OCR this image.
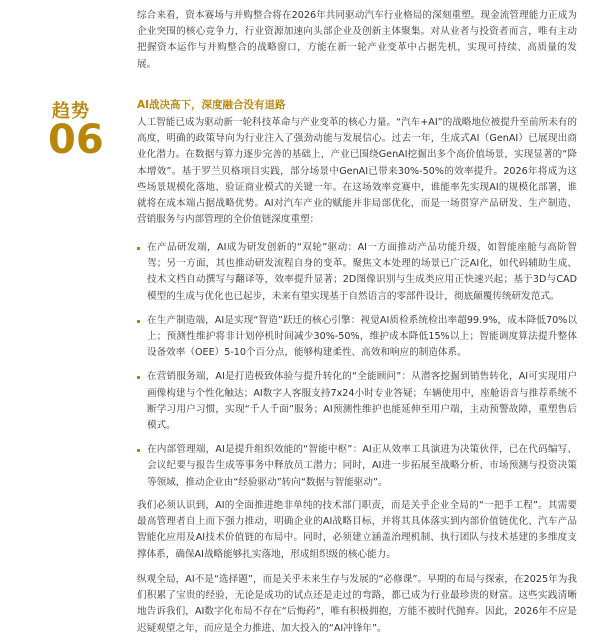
综合来看，资本赛场与并购整合将在2026年共同驱动汽车行业格局的深刻重塑。现金流管理能力正成为企业突围的核心竞争力，行业资源加速向头部企业及创新主体聚集。对从业者与投资者而言，唯有主动把握资本运作与并购整合的战略窗口，方能在新一轮产业变革中占据先机，实现可持续、高质量的发展。
趋势
06
AI战决高下，深度融合没有退路
人工智能已成为驱动新一轮科技革命与产业变革的核心力量。“汽车+AI”的战略地位被提升至前所未有的高度，明确的政策导向为行业注入了强劲动能与发展信心。过去一年，生成式AI（GenAI）已展现出商业化潜力。在数据与算力逐步完善的基础上，产业已围绕GenAI挖掘出多个高价值场景，实现显著的“降本增效”。基于罗兰贝格项目实践，部分场景中GenAI已带来30%-50%的效率提升。2026年将成为这些场景规模化落地、验证商业模式的关键一年。在这场效率竞赛中，谁能率先实现AI的规模化部署，谁就将在成本端占据战略优势。AI对汽车产业的赋能并非局部优化，而是一场贯穿产品研发、生产制造、营销服务与内部管理的全价值链深度重塑：
在产品研发端，AI成为研发创新的“双轮”驱动：AI一方面推动产品功能升级，如智能座舱与高阶智驾；另一方面，其也推动研发流程自身的变革。聚焦文本处理的场景已广泛AI化，如代码辅助生成、技术文档自动撰写与翻译等，效率提升显著；2D图像识别与生成类应用正快速兴起；基于3D与CAD模型的生成与优化也已起步，未来有望实现基于自然语言的零部件设计，彻底颠覆传统研发范式。
在生产制造端，AI是实现“智造”跃迁的核心引擎：视觉AI质检系统检出率超99.9%，成本降低70%以上；预测性维护将非计划停机时间减少30%-50%，维护成本降低15%以上；智能调度算法提升整体设备效率（OEE）5-10个百分点，能够构建柔性、高效和响应的制造体系。
在营销服务端，AI是打造极致体验与提升转化的“全能顾问”：从潜客挖掘到销售转化，AI可实现用户画像构建与个性化触达；AI数字人客服支持7x24小时专业答疑；车辆使用中，座舱语音与推荐系统不断学习用户习惯，实现“千人千面”服务；AI预测性维护也能延伸至用户端，主动预警故障，重塑售后模式。
在内部管理端，AI是提升组织效能的“智能中枢”：AI正从效率工具演进为决策伙伴，已在代码编写、会议纪要与报告生成等事务中释放员工潜力；同时，AI进一步拓展至战略分析、市场预测与投资决策等领域，推动企业由“经验驱动”转向“数据与智能驱动”。
我们必须认识到，AI的全面推进绝非单纯的技术部门职责，而是关乎企业全局的“一把手工程”。其需要最高管理者自上而下强力推动，明确企业的AI战略目标，并将其具体落实到内部价值链优化、汽车产品智能化应用及AI技术价值链的布局中。同时，必须建立涵盖治理机制、执行团队与技术基建的多维度支撑体系，确保AI战略能够扎实落地，形成组织级的核心能力。
纵观全局，AI不是“选择题”，而是关乎未来生存与发展的“必修课”。早期的布局与探索，在2025年为我们积累了宝贵的经验，无论是成功的试点还是走过的弯路，都已成为行业最珍贵的财富。这些实践清晰地告诉我们，AI数字化布局不存在“后悔药”，唯有积极拥抱，方能不被时代抛弃。因此，2026年不应是迟疑观望之年，而应是全力推进、加大投入的“AI冲锋年”。
